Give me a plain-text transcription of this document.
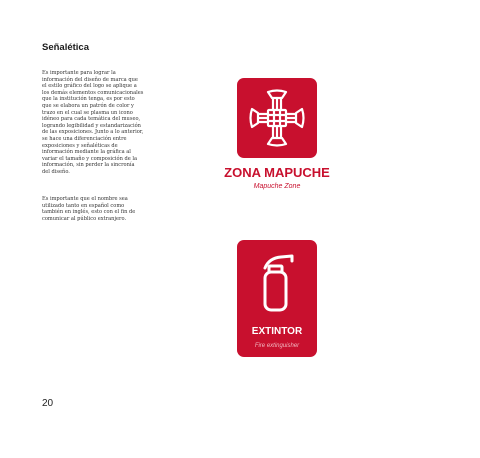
Señalética

Es importante para lograr la información del diseño de marca que el estilo gráfico del logo se aplique a los demás elementos comunicacionales que la institución tenga, es por esto que se elabora un patrón de color y trazo en el cual se plasma un icono idéneo para cada temática del museo, logrando legibilidad y estandarización de las exposiciones. Junto a lo anterior, se hace una diferenciación entre exposiciones y señaléticas de información mediante la gráfica al variar el tamaño y composición de la información, sin perder la sincronía del diseño.

Es importante que el nombre sea utilizado tanto en español como también en inglés, esto con el fin de comunicar al público extranjero.

20

ZONA MAPUCHE

Mapuche Zone

EXTINTOR

Fire extinguisher
